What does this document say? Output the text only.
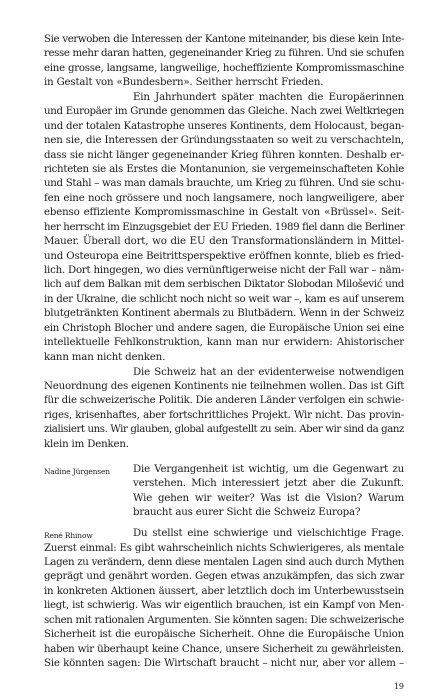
Sie verwoben die Interessen der Kantone miteinander, bis diese kein Inte-
resse mehr daran hatten, gegeneinander Krieg zu führen. Und sie schufen
eine grosse, langsame, langweilige, hocheffiziente Kompromissmaschine
in Gestalt von «Bundesbern». Seither herrscht Frieden.
Ein Jahrhundert später machten die Europäerinnen
und Europäer im Grunde genommen das Gleiche. Nach zwei Weltkriegen
und der totalen Katastrophe unseres Kontinents, dem Holocaust, began-
nen sie, die Interessen der Gründungsstaaten so weit zu verschachteln,
dass sie nicht länger gegeneinander Krieg führen konnten. Deshalb er-
richteten sie als Erstes die Montanunion, sie vergemeinschafteten Kohle
und Stahl – was man damals brauchte, um Krieg zu führen. Und sie schu-
fen eine noch grössere und noch langsamere, noch langweiligere, aber
ebenso effiziente Kompromissmaschine in Gestalt von «Brüssel». Seit-
her herrscht im Einzugsgebiet der EU Frieden. 1989 fiel dann die Berliner
Mauer. Überall dort, wo die EU den Transformationsländern in Mittel-
und Osteuropa eine Beitrittsperspektive eröffnen konnte, blieb es fried-
lich. Dort hingegen, wo dies vernünftigerweise nicht der Fall war – näm-
lich auf dem Balkan mit dem serbischen Diktator Slobodan Milošević und
in der Ukraine, die schlicht noch nicht so weit war –, kam es auf unserem
blutgetränkten Kontinent abermals zu Blutbädern. Wenn in der Schweiz
ein Christoph Blocher und andere sagen, die Europäische Union sei eine
intellektuelle Fehlkonstruktion, kann man nur erwidern: Ahistorischer
kann man nicht denken.
Die Schweiz hat an der evidenterweise notwendigen
Neuordnung des eigenen Kontinents nie teilnehmen wollen. Das ist Gift
für die schweizerische Politik. Die anderen Länder verfolgen ein schwie-
riges, krisenhaftes, aber fortschrittliches Projekt. Wir nicht. Das provin-
zialisiert uns. Wir glauben, global aufgestellt zu sein. Aber wir sind da ganz
klein im Denken.
Nadine Jürgensen	Die Vergangenheit ist wichtig, um die Gegenwart zu
verstehen. Mich interessiert jetzt aber die Zukunft.
Wie gehen wir weiter? Was ist die Vision? Warum
braucht aus eurer Sicht die Schweiz Europa?
René Rhinow	Du stellst eine schwierige und vielschichtige Frage.
Zuerst einmal: Es gibt wahrscheinlich nichts Schwierigeres, als mentale
Lagen zu verändern, denn diese mentalen Lagen sind auch durch Mythen
geprägt und genährt worden. Gegen etwas anzukämpfen, das sich zwar
in konkreten Aktionen äussert, aber letztlich doch im Unterbewusstsein
liegt, ist schwierig. Was wir eigentlich brauchen, ist ein Kampf von Men-
schen mit rationalen Argumenten. Sie könnten sagen: Die schweizerische
Sicherheit ist die europäische Sicherheit. Ohne die Europäische Union
haben wir überhaupt keine Chance, unsere Sicherheit zu gewährleisten.
Sie könnten sagen: Die Wirtschaft braucht – nicht nur, aber vor allem –
19
